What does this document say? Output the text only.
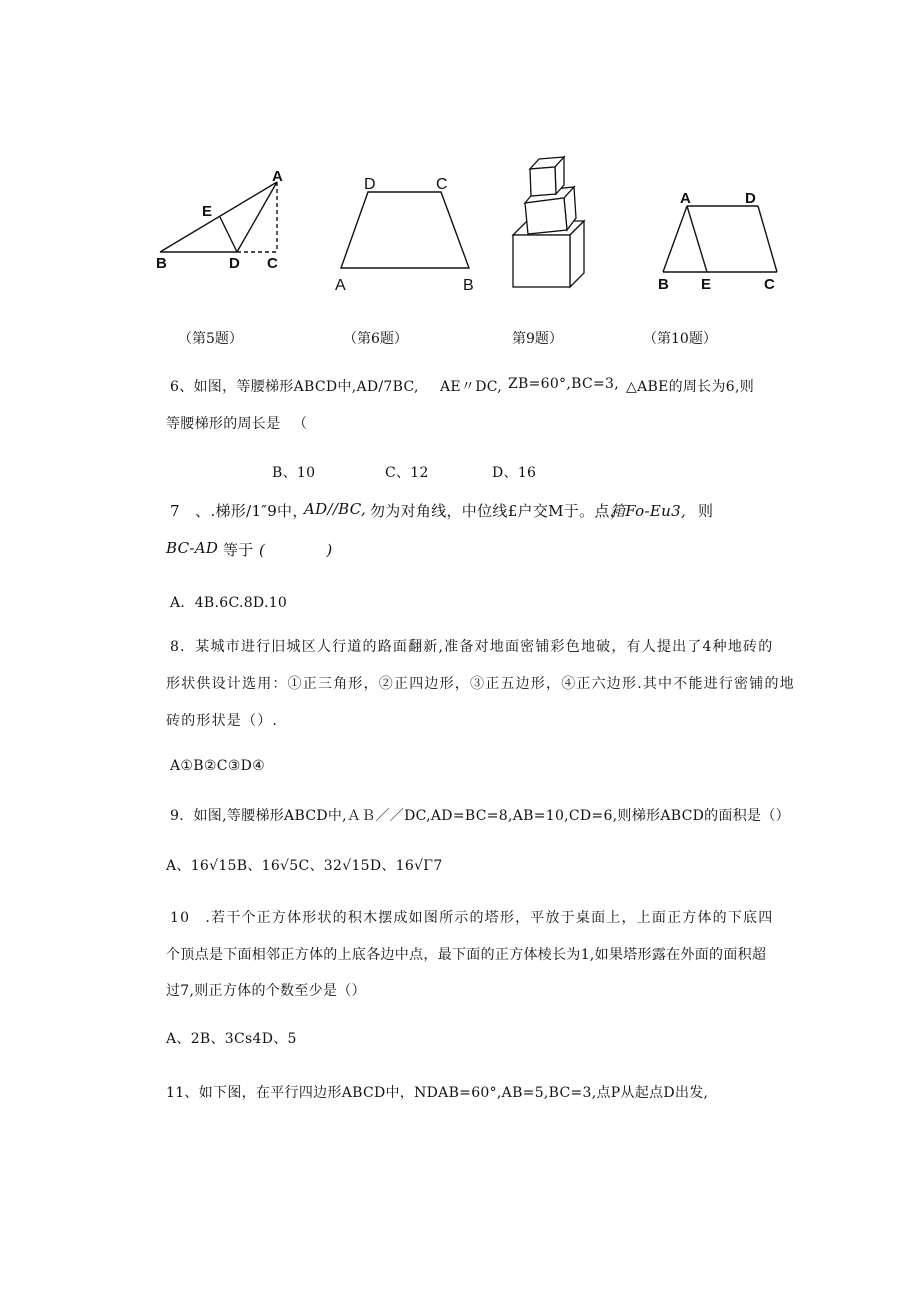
A
E
B	D C
D	C
A	B
A	D
B E	C
（第5题）	（第6题）	第9题）	（第10题）
6、如图，等腰梯形ABCD中,AD/7BC, AE〃DC, ZB=60°,BC=3, △ABE的周长为6,则
等腰梯形的周长是 （
B、10	C、12	D、16
7　、.梯形/1″9中，
AD//BC, 勿为对角线，中位线£户交M于。点，
箱Fo-Eu3, 则
BC-AD 等于 (　　　　)
A．4B.6C.8D.10
8．某城市进行旧城区人行道的路面翻新,准备对地面密铺彩色地破，有人提出了4种地砖的
形状供设计选用：①正三角形，②正四边形，③正五边形，④正六边形.其中不能进行密铺的地
砖的形状是（）.
A①B②C③D④
9．如图,等腰梯形ABCD中,ＡＢ／／DC,AD=BC=8,AB=10,CD=6,则梯形ABCD的面积是（）
A、16√15B、16√5C、32√15D、16√Γ7
10　.若干个正方体形状的积木摆成如图所示的塔形，平放于桌面上，上面正方体的下底四
个顶点是下面相邻正方体的上底各边中点，最下面的正方体棱长为1,如果塔形露在外面的面积超
过7,则正方体的个数至少是（）
A、2B、3Cs4D、5
11、如下图，在平行四边形ABCD中，NDAB=60°,AB=5,BC=3,点P从起点D出发,
